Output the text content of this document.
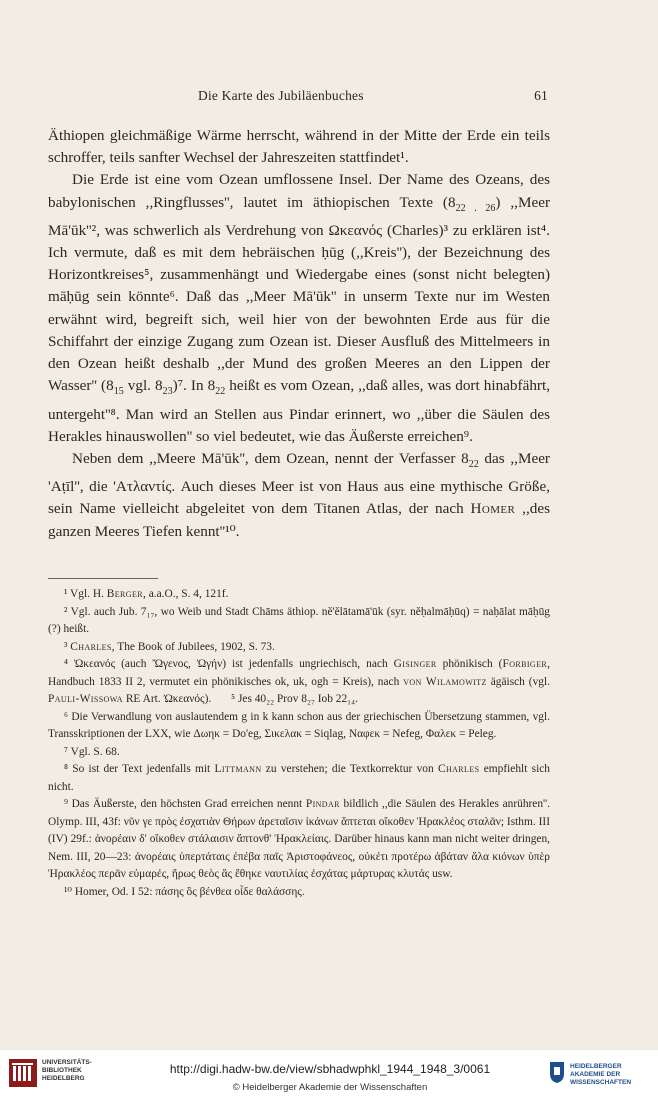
Die Karte des Jubiläenbuches	61

Äthiopen gleichmäßige Wärme herrscht, während in der Mitte der Erde ein teils schroffer, teils sanfter Wechsel der Jahreszeiten stattfindet¹.

Die Erde ist eine vom Ozean umflossene Insel. Der Name des Ozeans, des babylonischen ,,Ringflusses'', lautet im äthiopischen Texte $(8_{22 . 26})$ ,,Meer Mā'ūk''², was schwerlich als Verdrehung von Ωκεανός (Charles)³ zu erklären ist⁴. Ich vermute, daß es mit dem hebräischen ḥūg (,,Kreis''), der Bezeichnung des Horizontkreises⁵, zusammenhängt und Wiedergabe eines (sonst nicht belegten) māḥūg sein könnte⁶. Daß das ,,Meer Mā'ūk'' in unserm Texte nur im Westen erwähnt wird, begreift sich, weil hier von der bewohnten Erde aus für die Schiffahrt der einzige Zugang zum Ozean ist. Dieser Ausfluß des Mittelmeers in den Ozean heißt deshalb ,,der Mund des großen Meeres an den Lippen der Wasser'' ($8_{15}$ vgl. $8_{23})^7$. In $8_{22}$ heißt es vom Ozean, ,,daß alles, was dort hinabfährt, untergeht''⁸. Man wird an Stellen aus Pindar erinnert, wo ,,über die Säulen des Herakles hinauswollen'' so viel bedeutet, wie das Äußerste erreichen⁹.

Neben dem ,,Meere Mā'ūk'', dem Ozean, nennt der Verfasser $8_{22}$ das ,,Meer 'Aṭīl'', die 'Ατλαντίς. Auch dieses Meer ist von Haus aus eine mythische Größe, sein Name vielleicht abgeleitet von dem Titanen Atlas, der nach Homer ,,des ganzen Meeres Tiefen kennt''¹⁰.

¹ Vgl. H. Berger, a.a.O., S. 4, 121f.

² Vgl. auch Jub. 7₁₇, wo Weib und Stadt Chāms äthiop. nĕ'ĕlātamā'ūk (syr. nĕḥalmāḥūq) = naḥālat māḥūg (?) heißt.

³ Charles, The Book of Jubilees, 1902, S. 73.

⁴ Ὠκεανός (auch Ὤγενος, Ὠγήν) ist jedenfalls ungriechisch, nach Gisinger phönikisch (Forbiger, Handbuch 1833 II 2, vermutet ein phönikisches ok, uk, ogh = Kreis), nach von Wilamowitz ägäisch (vgl. Pauli-Wissowa RE Art. Ὠκεανός).       ⁵ Jes 40₂₂ Prov 8₂₇ Iob 22₁₄.

⁶ Die Verwandlung von auslautendem g in k kann schon aus der griechischen Übersetzung stammen, vgl. Transskriptionen der LXX, wie Δωηκ = Do'eg, Σικελακ = Siqlag, Ναφεκ = Nefeg, Φαλεκ = Peleg.

⁷ Vgl. S. 68.

⁸ So ist der Text jedenfalls mit Littmann zu verstehen; die Textkorrektur von Charles empfiehlt sich nicht.

⁹ Das Äußerste, den höchsten Grad erreichen nennt Pindar bildlich ,,die Säulen des Herakles anrühren''. Olymp. III, 43f: νῦν γε πρὸς ἐσχατιὰν Θήρων ἀρεταῖσιν ἱκάνων ἅπτεται οἴκοθεν Ἡρακλέος σταλᾶν; Isthm. III (IV) 29f.: ἀνορέαιν δ' οἴκοθεν στάλαισιν ἅπτονθ' Ἡρακλείαις. Darüber hinaus kann man nicht weiter dringen, Nem. III, 20—23: ἀνορέαις ὑπερτάταις ἐπέβα παῖς Ἀριστοφάνεος, οὐκέτι προτέρω ἀβάταν ἅλα κιόνων ὑπὲρ Ἡρακλέος περᾶν εὐμαρές, ἥρως θεὸς ἃς ἔθηκε ναυτιλίας ἐσχάτας μάρτυρας κλυτάς usw.

¹⁰ Homer, Od. I 52: πάσης ὃς βένθεα οἶδε θαλάσσης.

UNIVERSITÄTS-BIBLIOTHEK HEIDELBERG
http://digi.hadw-bw.de/view/sbhadwphkl_1944_1948_3/0061
© Heidelberger Akademie der Wissenschaften
HEIDELBERGER AKADEMIE DER WISSENSCHAFTEN
